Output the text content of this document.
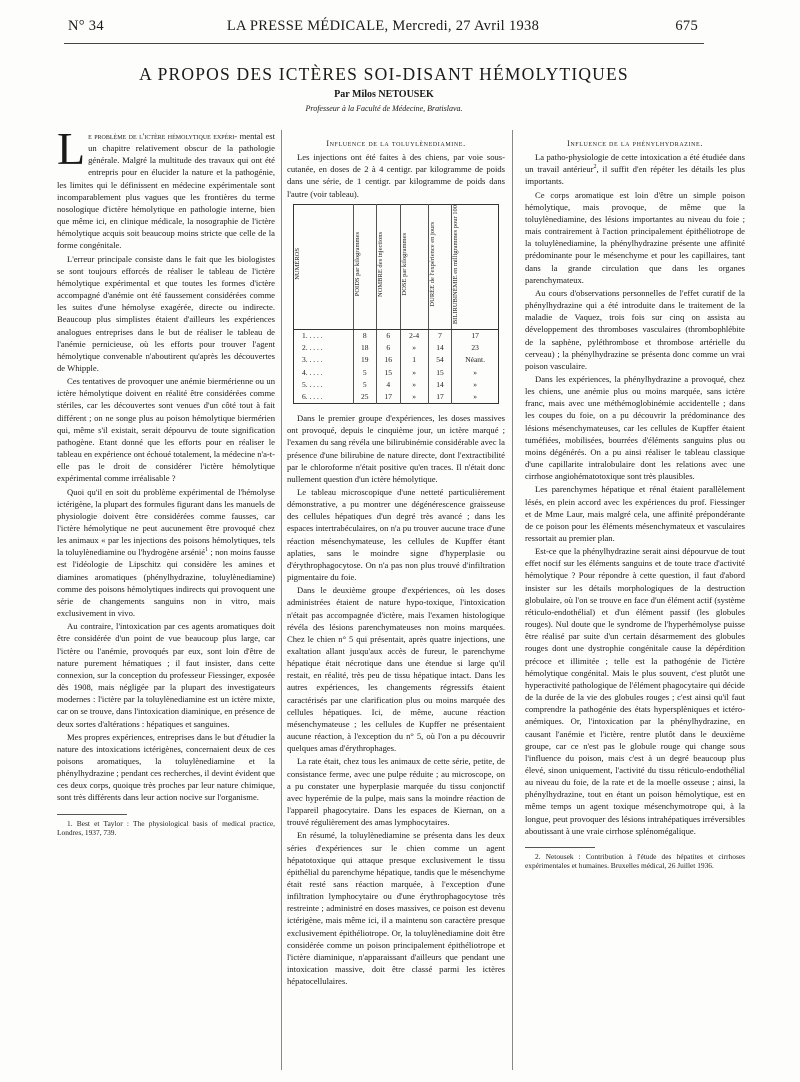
N° 34	LA PRESSE MÉDICALE, Mercredi, 27 Avril 1938	675
A PROPOS DES ICTÈRES SOI-DISANT HÉMOLYTIQUES
Par Milos NETOUSEK
Professeur à la Faculté de Médecine, Bratislava.

Le problème de l'ictère hémolytique expéri- mental est un chapitre relativement obscur de la pathologie générale. Malgré la multitude des travaux qui ont été entrepris pour en élucider la nature et la pathogénie, les limites qui le définissent en médecine expérimentale sont incomparablement plus vagues que les frontières du terme nosologique d'ictère hémolytique en pathologie interne, bien que même ici, en clinique médicale, la nosographie de l'ictère hémolytique acquis soit beaucoup moins stricte que celle de la forme congénitale.

L'erreur principale consiste dans le fait que les biologistes se sont toujours efforcés de réaliser le tableau de l'ictère hémolytique expérimental et que toutes les formes d'ictère accompagné d'anémie ont été faussement considérées comme les suites d'une hémolyse exagérée, directe ou indirecte. Beaucoup plus simplistes étaient d'ailleurs les expériences analogues entreprises dans le but de réaliser le tableau de l'anémie pernicieuse, où les efforts pour trouver l'agent hémolytique convenable n'aboutirent qu'après les découvertes de Whipple.

Ces tentatives de provoquer une anémie biermérienne ou un ictère hémolytique doivent en réalité être considérées comme stériles, car les découvertes sont venues d'un côté tout à fait différent ; on ne songe plus au poison hémolytique biermérien qui, même s'il existait, serait dépourvu de toute signification pathogène. Etant donné que les efforts pour en réaliser le tableau en expérience ont échoué totalement, la médecine n'a-t-elle pas le droit de considérer l'ictère hémolytique expérimental comme irréalisable ?

Quoi qu'il en soit du problème expérimental de l'hémolyse ictérigène, la plupart des formules figurant dans les manuels de physiologie doivent être considérées comme fausses, car l'ictère hémolytique ne peut aucunement être provoqué chez les animaux « par les injections des poisons hémolytiques, tels la toluylènediamine ou l'hydrogène arsénié$^1$ ; non moins fausse est l'idéologie de Lipschitz qui considère les amines et diamines aromatiques (phénylhydrazine, toluylènediamine) comme des poisons hémolytiques indirects qui provoquent une série de changements sanguins non in vitro, mais exclusivement in vivo.

Au contraire, l'intoxication par ces agents aromatiques doit être considérée d'un point de vue beaucoup plus large, car l'ictère ou l'anémie, provoqués par eux, sont loin d'être de nature purement hématiques ; il faut insister, dans cette connexion, sur la conception du professeur Fiessinger, exposée dès 1908, mais négligée par la plupart des investigateurs modernes : l'ictère par la toluylènediamine est un ictère mixte, car on se trouve, dans l'intoxication diaminique, en présence de deux sortes d'altérations : hépatiques et sanguines.

Mes propres expériences, entreprises dans le but d'étudier la nature des intoxications ictérigènes, concernaient deux de ces poisons aromatiques, la toluylènediamine et la phénylhydrazine ; pendant ces recherches, il devint évident que ces deux corps, quoique très proches par leur nature chimique, sont très différents dans leur action nocive sur l'organisme.

1. Best et Taylor : The physiological basis of medical practice, Londres, 1937, 739.

Influence de la toluylènediamine.

Les injections ont été faites à des chiens, par voie sous-cutanée, en doses de 2 à 4 centigr. par kilogramme de poids dans une série, de 1 centigr. par kilogramme de poids dans l'autre (voir tableau).

NUMÉROS	POIDS par kilogrammes	NOMBRE des injections	DOSE par kilogrammes	DURÉE de l'expérience en jours	BILIRUBINÉMIE en milligrammes pour 100
1. . . . .	8	6	2-4	7	17
2. . . . .	18	6	»	14	23
3. . . . .	19	16	1	54	Néant.
4. . . . .	5	15	»	15	»
5. . . . .	5	4	»	14	»
6. . . . .	25	17	»	17	»

Dans le premier groupe d'expériences, les doses massives ont provoqué, depuis le cinquième jour, un ictère marqué ; l'examen du sang révéla une bilirubinémie considérable avec la présence d'une bilirubine de nature directe, dont l'extractibilité par le chloroforme n'était positive qu'en traces. Il n'était donc nullement question d'un ictère hémolytique.

Le tableau microscopique d'une netteté particulièrement démonstrative, a pu montrer une dégénérescence graisseuse des cellules hépatiques d'un degré très avancé ; dans les espaces intertrabéculaires, on n'a pu trouver aucune trace d'une réaction mésenchymateuse, les cellules de Kupffer étant aplaties, sans le moindre signe d'hyperplasie ou d'érythrophagocytose. On n'a pas non plus trouvé d'infiltration pigmentaire du foie.

Dans le deuxième groupe d'expériences, où les doses administrées étaient de nature hypo-toxique, l'intoxication n'était pas accompagnée d'ictère, mais l'examen histologique révéla des lésions parenchymateuses non moins marquées. Chez le chien n° 5 qui présentait, après quatre injections, une exaltation allant jusqu'aux accès de fureur, le parenchyme hépatique était nécrotique dans une étendue si large qu'il restait, en réalité, très peu de tissu hépatique intact. Dans les autres expériences, les changements régressifs étaient caractérisés par une clarification plus ou moins marquée des cellules hépatiques. Ici, de même, aucune réaction mésenchymateuse ; les cellules de Kupffer ne présentaient aucune réaction, à l'exception du n° 5, où l'on a pu découvrir quelques amas d'érythrophages.

La rate était, chez tous les animaux de cette série, petite, de consistance ferme, avec une pulpe réduite ; au microscope, on a pu constater une hyperplasie marquée du tissu conjonctif avec hyperémie de la pulpe, mais sans la moindre réaction de l'appareil phagocytaire. Dans les espaces de Kiernan, on a trouvé régulièrement des amas lymphocytaires.

En résumé, la toluylènediamine se présenta dans les deux séries d'expériences sur le chien comme un agent hépatotoxique qui attaque presque exclusivement le tissu épithélial du parenchyme hépatique, tandis que le mésenchyme était resté sans réaction marquée, à l'exception d'une infiltration lymphocytaire ou d'une érythrophagocytose très restreinte ; administré en doses massives, ce poison est devenu ictérigène, mais même ici, il a maintenu son caractère presque exclusivement épithéliotrope. Or, la toluylènediamine doit être considérée comme un poison principalement épithéliotrope et l'ictère diaminique, n'apparaissant d'ailleurs que pendant une intoxication massive, doit être classé parmi les ictères hépatocellulaires.

Influence de la phénylhydrazine.

La patho-physiologie de cette intoxication a été étudiée dans un travail antérieur$^2$, il suffit d'en répéter les détails les plus importants.

Ce corps aromatique est loin d'être un simple poison hémolytique, mais provoque, de même que la toluylènediamine, des lésions importantes au niveau du foie ; mais contrairement à l'action principalement épithéliotrope de la toluylènediamine, la phénylhydrazine présente une affinité prédominante pour le mésenchyme et pour les capillaires, tant dans la grande circulation que dans les organes parenchymateux.

Au cours d'observations personnelles de l'effet curatif de la phénylhydrazine qui a été introduite dans le traitement de la maladie de Vaquez, trois fois sur cinq on assista au développement des thromboses vasculaires (thrombophlébite de la saphène, pyléthrombose et thrombose artérielle du cerveau) ; la phénylhydrazine se présenta donc comme un vrai poison vasculaire.

Dans les expériences, la phénylhydrazine a provoqué, chez les chiens, une anémie plus ou moins marquée, sans ictère franc, mais avec une méthémoglobinémie accidentelle ; dans les coupes du foie, on a pu découvrir la prédominance des lésions mésenchymateuses, car les cellules de Kupffer étaient tuméfiées, mobilisées, bourrées d'éléments sanguins plus ou moins dégénérés. On a pu ainsi réaliser le tableau classique d'une capillarite intralobulaire dont les relations avec une cirrhose angiohématotoxique sont très plausibles.

Les parenchymes hépatique et rénal étaient parallèlement lésés, en plein accord avec les expériences du prof. Fiessinger et de Mme Laur, mais malgré cela, une affinité prépondérante de ce poison pour les éléments mésenchymateux et vasculaires ressortait au premier plan.

Est-ce que la phénylhydrazine serait ainsi dépourvue de tout effet nocif sur les éléments sanguins et de toute trace d'activité hémolytique ? Pour répondre à cette question, il faut d'abord insister sur les détails morphologiques de la destruction globulaire, où l'on se trouve en face d'un élément actif (système réticulo-endothélial) et d'un élément passif (les globules rouges). Nul doute que le syndrome de l'hyperhémolyse puisse être réalisé par suite d'un certain désarmement des globules rouges dont une dystrophie congénitale cause la dépérdition précoce et illimitée ; telle est la pathogénie de l'ictère hémolytique congénital. Mais le plus souvent, c'est plutôt une hyperactivité pathologique de l'élément phagocytaire qui décide de la durée de la vie des globules rouges ; c'est ainsi qu'il faut comprendre la pathogénie des états hypersplèniques et ictéro-anémiques. Or, l'intoxication par la phénylhydrazine, en causant l'anémie et l'ictère, rentre plutôt dans le deuxième groupe, car ce n'est pas le globule rouge qui change sous l'influence du poison, mais c'est à un degré beaucoup plus élevé, sinon uniquement, l'activité du tissu réticulo-endothélial au niveau du foie, de la rate et de la moelle osseuse ; ainsi, la phénylhydrazine, tout en étant un poison hémolytique, est en même temps un agent toxique mésenchymotrope qui, à la longue, peut provoquer des lésions intrahépatiques irréversibles aboutissant à une vraie cirrhose splénomégalique.

2. Netousek : Contribution à l'étude des hépatites et cirrhoses expérimentales et humaines. Bruxelles médical, 26 Juillet 1936.
